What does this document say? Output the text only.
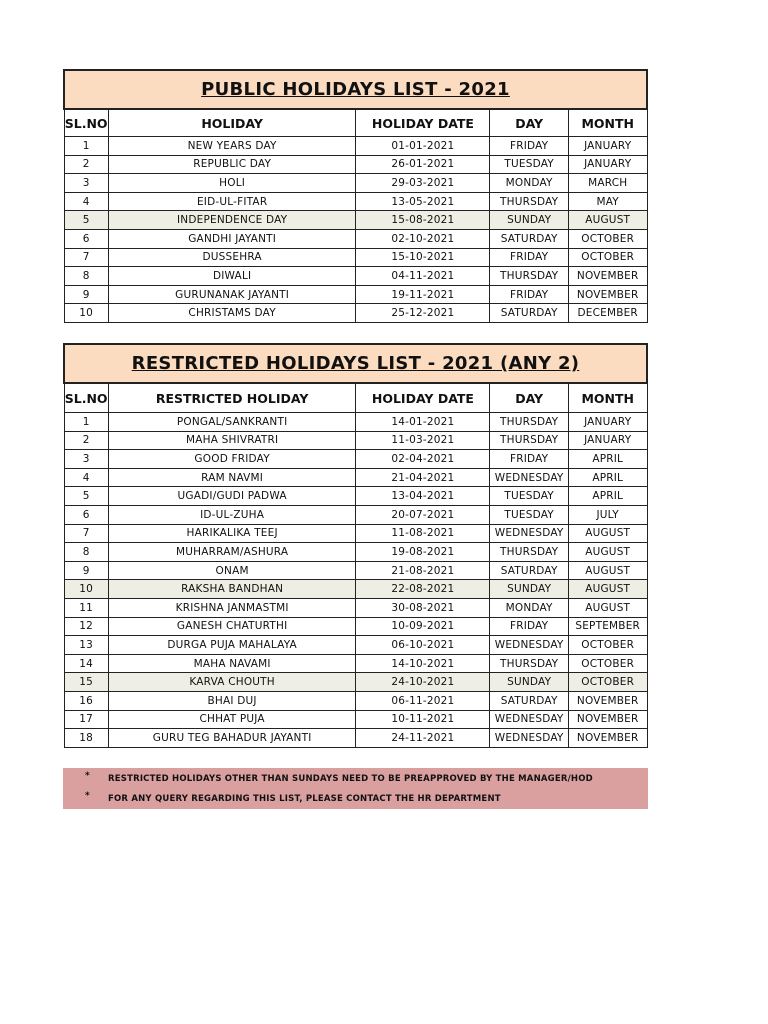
PUBLIC HOLIDAYS LIST - 2021				
SL.NO	HOLIDAY	HOLIDAY DATE	DAY	MONTH
1	NEW YEARS DAY	01-01-2021	FRIDAY	JANUARY
2	REPUBLIC DAY	26-01-2021	TUESDAY	JANUARY
3	HOLI	29-03-2021	MONDAY	MARCH
4	EID-UL-FITAR	13-05-2021	THURSDAY	MAY
5	INDEPENDENCE DAY	15-08-2021	SUNDAY	AUGUST
6	GANDHI JAYANTI	02-10-2021	SATURDAY	OCTOBER
7	DUSSEHRA	15-10-2021	FRIDAY	OCTOBER
8	DIWALI	04-11-2021	THURSDAY	NOVEMBER
9	GURUNANAK JAYANTI	19-11-2021	FRIDAY	NOVEMBER
10	CHRISTAMS DAY	25-12-2021	SATURDAY	DECEMBER
RESTRICTED HOLIDAYS LIST - 2021 (ANY 2)				
SL.NO	RESTRICTED HOLIDAY	HOLIDAY DATE	DAY	MONTH
1	PONGAL/SANKRANTI	14-01-2021	THURSDAY	JANUARY
2	MAHA SHIVRATRI	11-03-2021	THURSDAY	JANUARY
3	GOOD FRIDAY	02-04-2021	FRIDAY	APRIL
4	RAM NAVMI	21-04-2021	WEDNESDAY	APRIL
5	UGADI/GUDI PADWA	13-04-2021	TUESDAY	APRIL
6	ID-UL-ZUHA	20-07-2021	TUESDAY	JULY
7	HARIKALIKA TEEJ	11-08-2021	WEDNESDAY	AUGUST
8	MUHARRAM/ASHURA	19-08-2021	THURSDAY	AUGUST
9	ONAM	21-08-2021	SATURDAY	AUGUST
10	RAKSHA BANDHAN	22-08-2021	SUNDAY	AUGUST
11	KRISHNA JANMASTMI	30-08-2021	MONDAY	AUGUST
12	GANESH CHATURTHI	10-09-2021	FRIDAY	SEPTEMBER
13	DURGA PUJA MAHALAYA	06-10-2021	WEDNESDAY	OCTOBER
14	MAHA NAVAMI	14-10-2021	THURSDAY	OCTOBER
15	KARVA CHOUTH	24-10-2021	SUNDAY	OCTOBER
16	BHAI DUJ	06-11-2021	SATURDAY	NOVEMBER
17	CHHAT PUJA	10-11-2021	WEDNESDAY	NOVEMBER
18	GURU TEG BAHADUR JAYANTI	24-11-2021	WEDNESDAY	NOVEMBER
* RESTRICTED HOLIDAYS OTHER THAN SUNDAYS NEED TO BE PREAPPROVED BY THE MANAGER/HOD
* FOR ANY QUERY REGARDING THIS LIST, PLEASE CONTACT THE HR DEPARTMENT
